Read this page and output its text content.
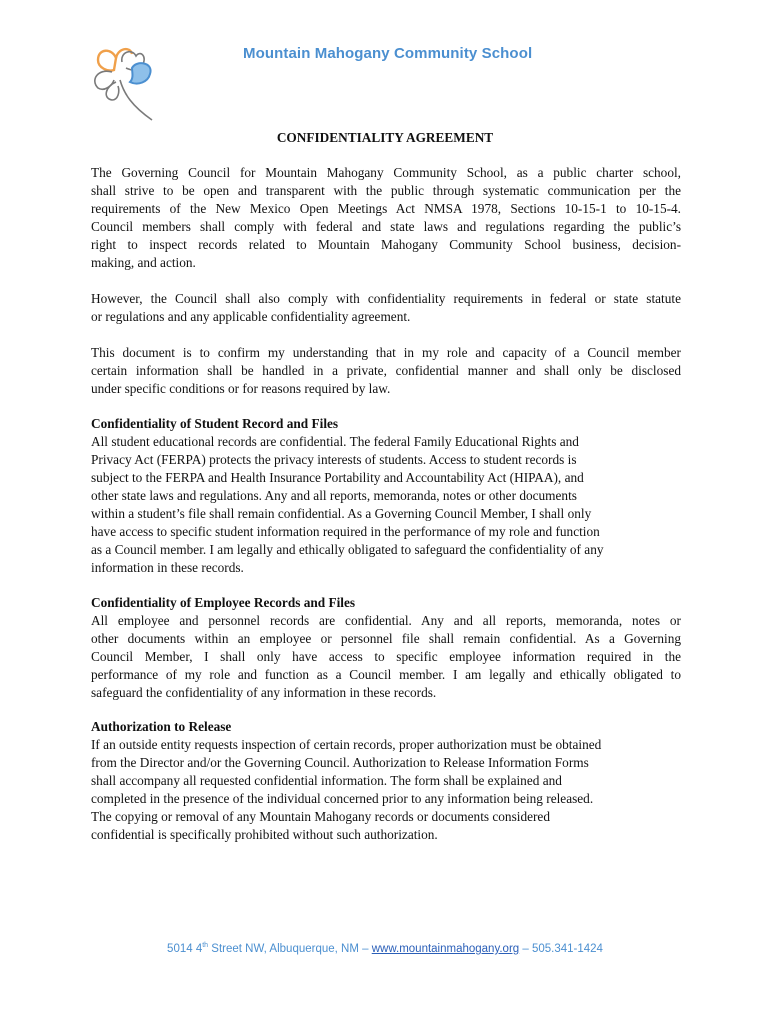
Mountain Mahogany Community School
CONFIDENTIALITY AGREEMENT
The Governing Council for Mountain Mahogany Community School, as a public charter school,
shall strive to be open and transparent with the public through systematic communication per the
requirements of the New Mexico Open Meetings Act NMSA 1978, Sections 10-15-1 to 10-15-4.
Council members shall comply with federal and state laws and regulations regarding the public’s
right to inspect records related to Mountain Mahogany Community School business, decision-
making, and action.
However, the Council shall also comply with confidentiality requirements in federal or state statute
or regulations and any applicable confidentiality agreement.
This document is to confirm my understanding that in my role and capacity of a Council member
certain information shall be handled in a private, confidential manner and shall only be disclosed
under specific conditions or for reasons required by law.
Confidentiality of Student Record and Files
All student educational records are confidential. The federal Family Educational Rights and
Privacy Act (FERPA) protects the privacy interests of students. Access to student records is
subject to the FERPA and Health Insurance Portability and Accountability Act (HIPAA), and
other state laws and regulations. Any and all reports, memoranda, notes or other documents
within a student’s file shall remain confidential. As a Governing Council Member, I shall only
have access to specific student information required in the performance of my role and function
as a Council member. I am legally and ethically obligated to safeguard the confidentiality of any
information in these records.
Confidentiality of Employee Records and Files
All employee and personnel records are confidential. Any and all reports, memoranda, notes or
other documents within an employee or personnel file shall remain confidential. As a Governing
Council Member, I shall only have access to specific employee information required in the
performance of my role and function as a Council member. I am legally and ethically obligated to
safeguard the confidentiality of any information in these records.
Authorization to Release
If an outside entity requests inspection of certain records, proper authorization must be obtained
from the Director and/or the Governing Council. Authorization to Release Information Forms
shall accompany all requested confidential information. The form shall be explained and
completed in the presence of the individual concerned prior to any information being released.
The copying or removal of any Mountain Mahogany records or documents considered
confidential is specifically prohibited without such authorization.
5014 4th Street NW, Albuquerque, NM – www.mountainmahogany.org – 505.341-1424
